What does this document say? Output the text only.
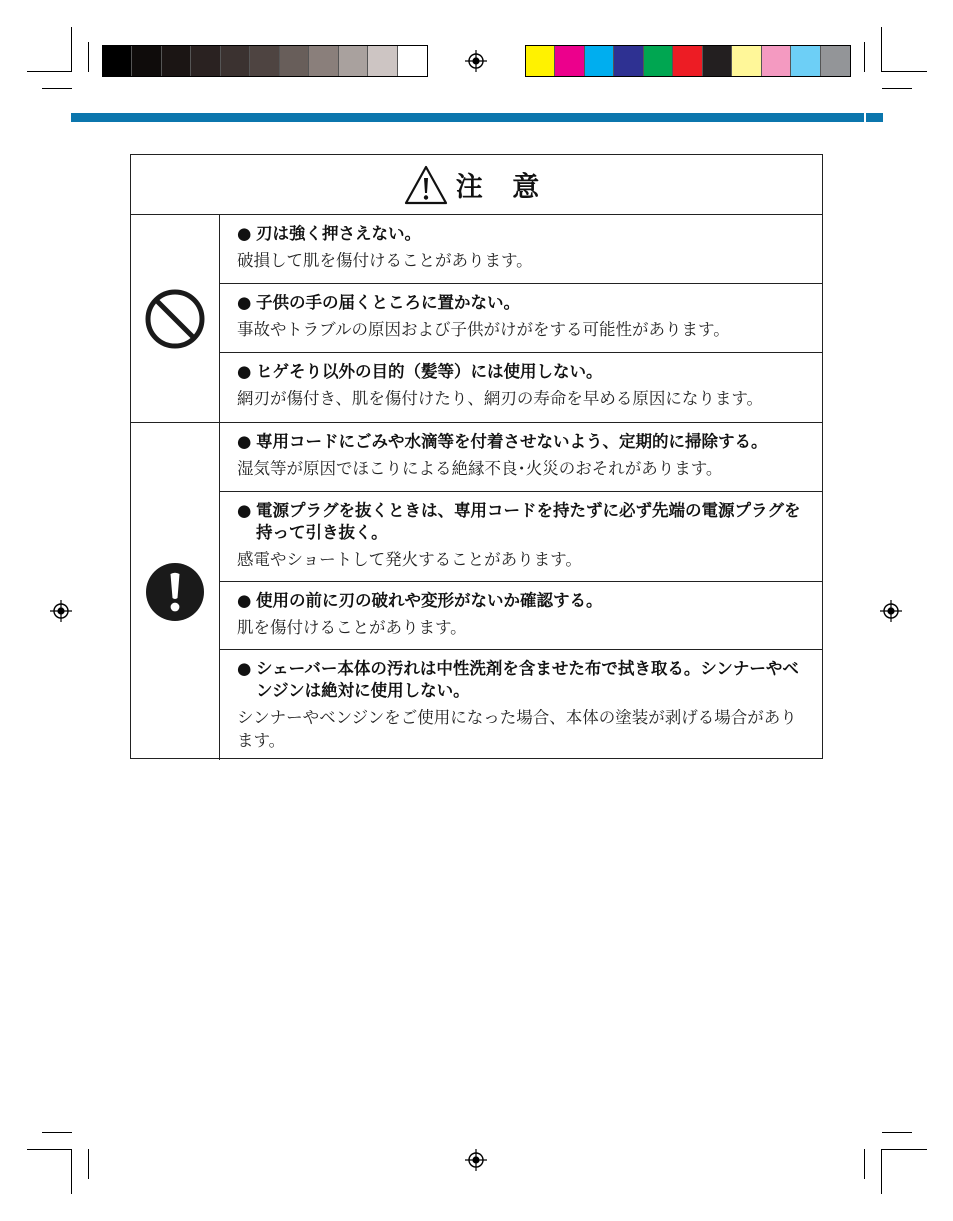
注 意
● 刃は強く押さえない。
破損して肌を傷付けることがあります。
● 子供の手の届くところに置かない。
事故やトラブルの原因および子供がけがをする可能性があります。
● ヒゲそり以外の目的（髪等）には使用しない。
網刃が傷付き、肌を傷付けたり、網刃の寿命を早める原因になります。
● 専用コードにごみや水滴等を付着させないよう、定期的に掃除する。
湿気等が原因でほこりによる絶縁不良･火災のおそれがあります。
● 電源プラグを抜くときは、専用コードを持たずに必ず先端の電源プラグを持って引き抜く。
感電やショートして発火することがあります。
● 使用の前に刃の破れや変形がないか確認する。
肌を傷付けることがあります。
● シェーバー本体の汚れは中性洗剤を含ませた布で拭き取る。シンナーやベンジンは絶対に使用しない。
シンナーやベンジンをご使用になった場合、本体の塗装が剥げる場合があります。
